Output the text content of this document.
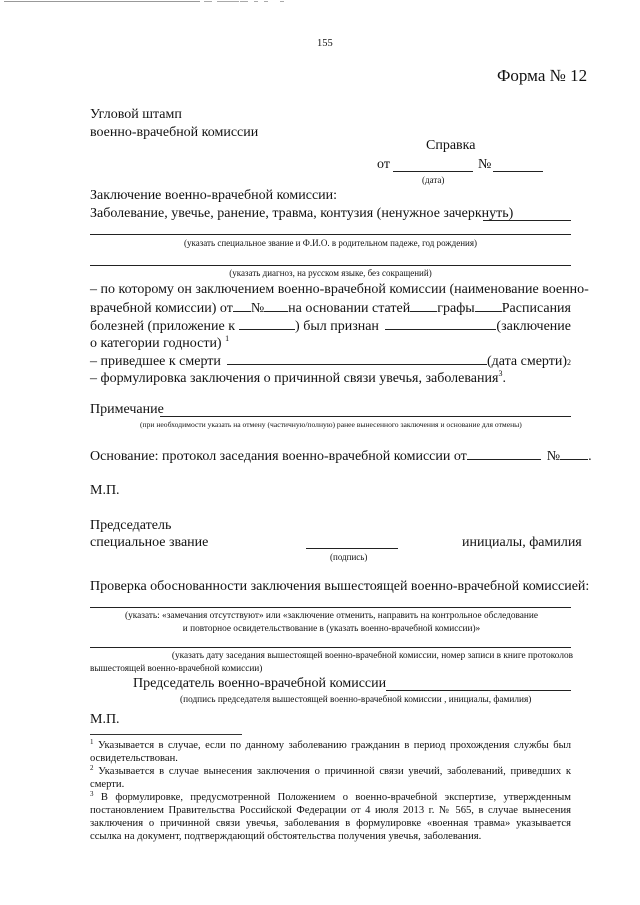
155
Форма № 12
Угловой штамп
военно-врачебной комиссии
Справка
от	№
(дата)
Заключение военно-врачебной комиссии:
Заболевание, увечье, ранение, травма, контузия (ненужное зачеркнуть)
(указать специальное звание и Ф.И.О. в родительном падеже, год рождения)
(указать диагноз, на русском языке, без сокращений)
– по которому он заключением военно-врачебной комиссии (наименование военно-
врачебной комиссии) от № на основании статей графы Расписания
болезней (приложение к	) был признан	(заключение
о категории годности) $^1$
– приведшее к смерти	(дата смерти) 2
– формулировка заключения о причинной связи увечья, заболевания$^3$.
Примечание
(при необходимости указать на отмену (частичную/полную) ранее вынесенного заключения и основание для отмены)
Основание: протокол заседания военно-врачебной комиссии от	№ .
М.П.
Председатель
специальное звание
(подпись)
инициалы, фамилия
Проверка обоснованности заключения вышестоящей военно-врачебной комиссией:
(указать: «замечания отсутствуют» или «заключение отменить, направить на контрольное обследование
и повторное освидетельствование в (указать военно-врачебной комиссии)»
(указать дату заседания вышестоящей военно-врачебной комиссии, номер записи в книге протоколов
вышестоящей военно-врачебной комиссии)
Председатель военно-врачебной комиссии
(подпись председателя вышестоящей военно-врачебной комиссии , инициалы, фамилия)
М.П.
$^1$ Указывается в случае, если по данному заболеванию гражданин в период прохождения службы был освидетельствован.
$^2$ Указывается в случае вынесения заключения о причинной связи увечий, заболеваний, приведших к смерти.
$^3$ В формулировке, предусмотренной Положением о военно-врачебной экспертизе, утвержденным постановлением Правительства Российской Федерации от 4 июля 2013 г. № 565, в случае вынесения заключения о причинной связи увечья, заболевания в формулировке «военная травма» указывается ссылка на документ, подтверждающий обстоятельства получения увечья, заболевания.
